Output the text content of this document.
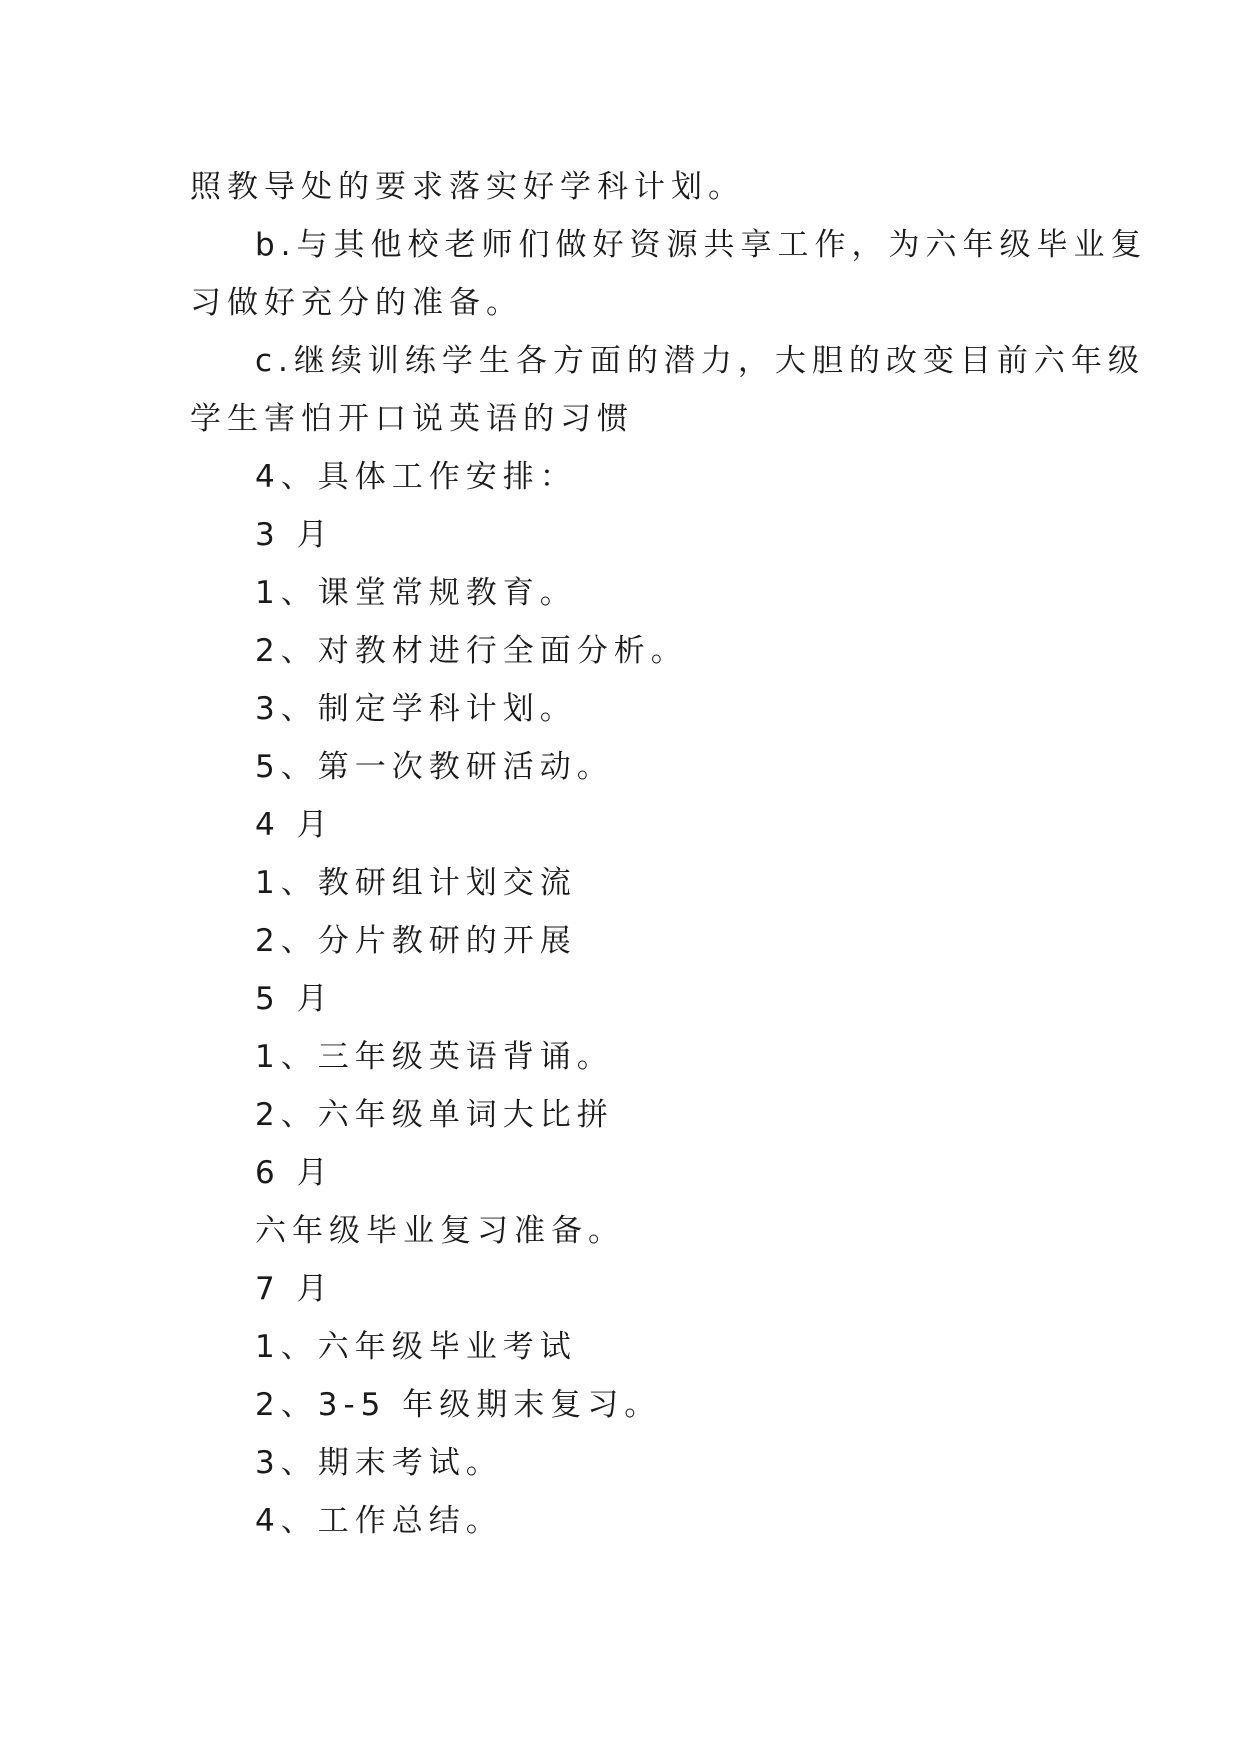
照教导处的要求落实好学科计划。

b.与其他校老师们做好资源共享工作，为六年级毕业复

习做好充分的准备。

c.继续训练学生各方面的潜力，大胆的改变目前六年级

学生害怕开口说英语的习惯

4、具体工作安排：

3 月

1、课堂常规教育。

2、对教材进行全面分析。

3、制定学科计划。

5、第一次教研活动。

4 月

1、教研组计划交流

2、分片教研的开展

5 月

1、三年级英语背诵。

2、六年级单词大比拼

6 月

六年级毕业复习准备。

7 月

1、六年级毕业考试

2、3-5 年级期末复习。

3、期末考试。

4、工作总结。
